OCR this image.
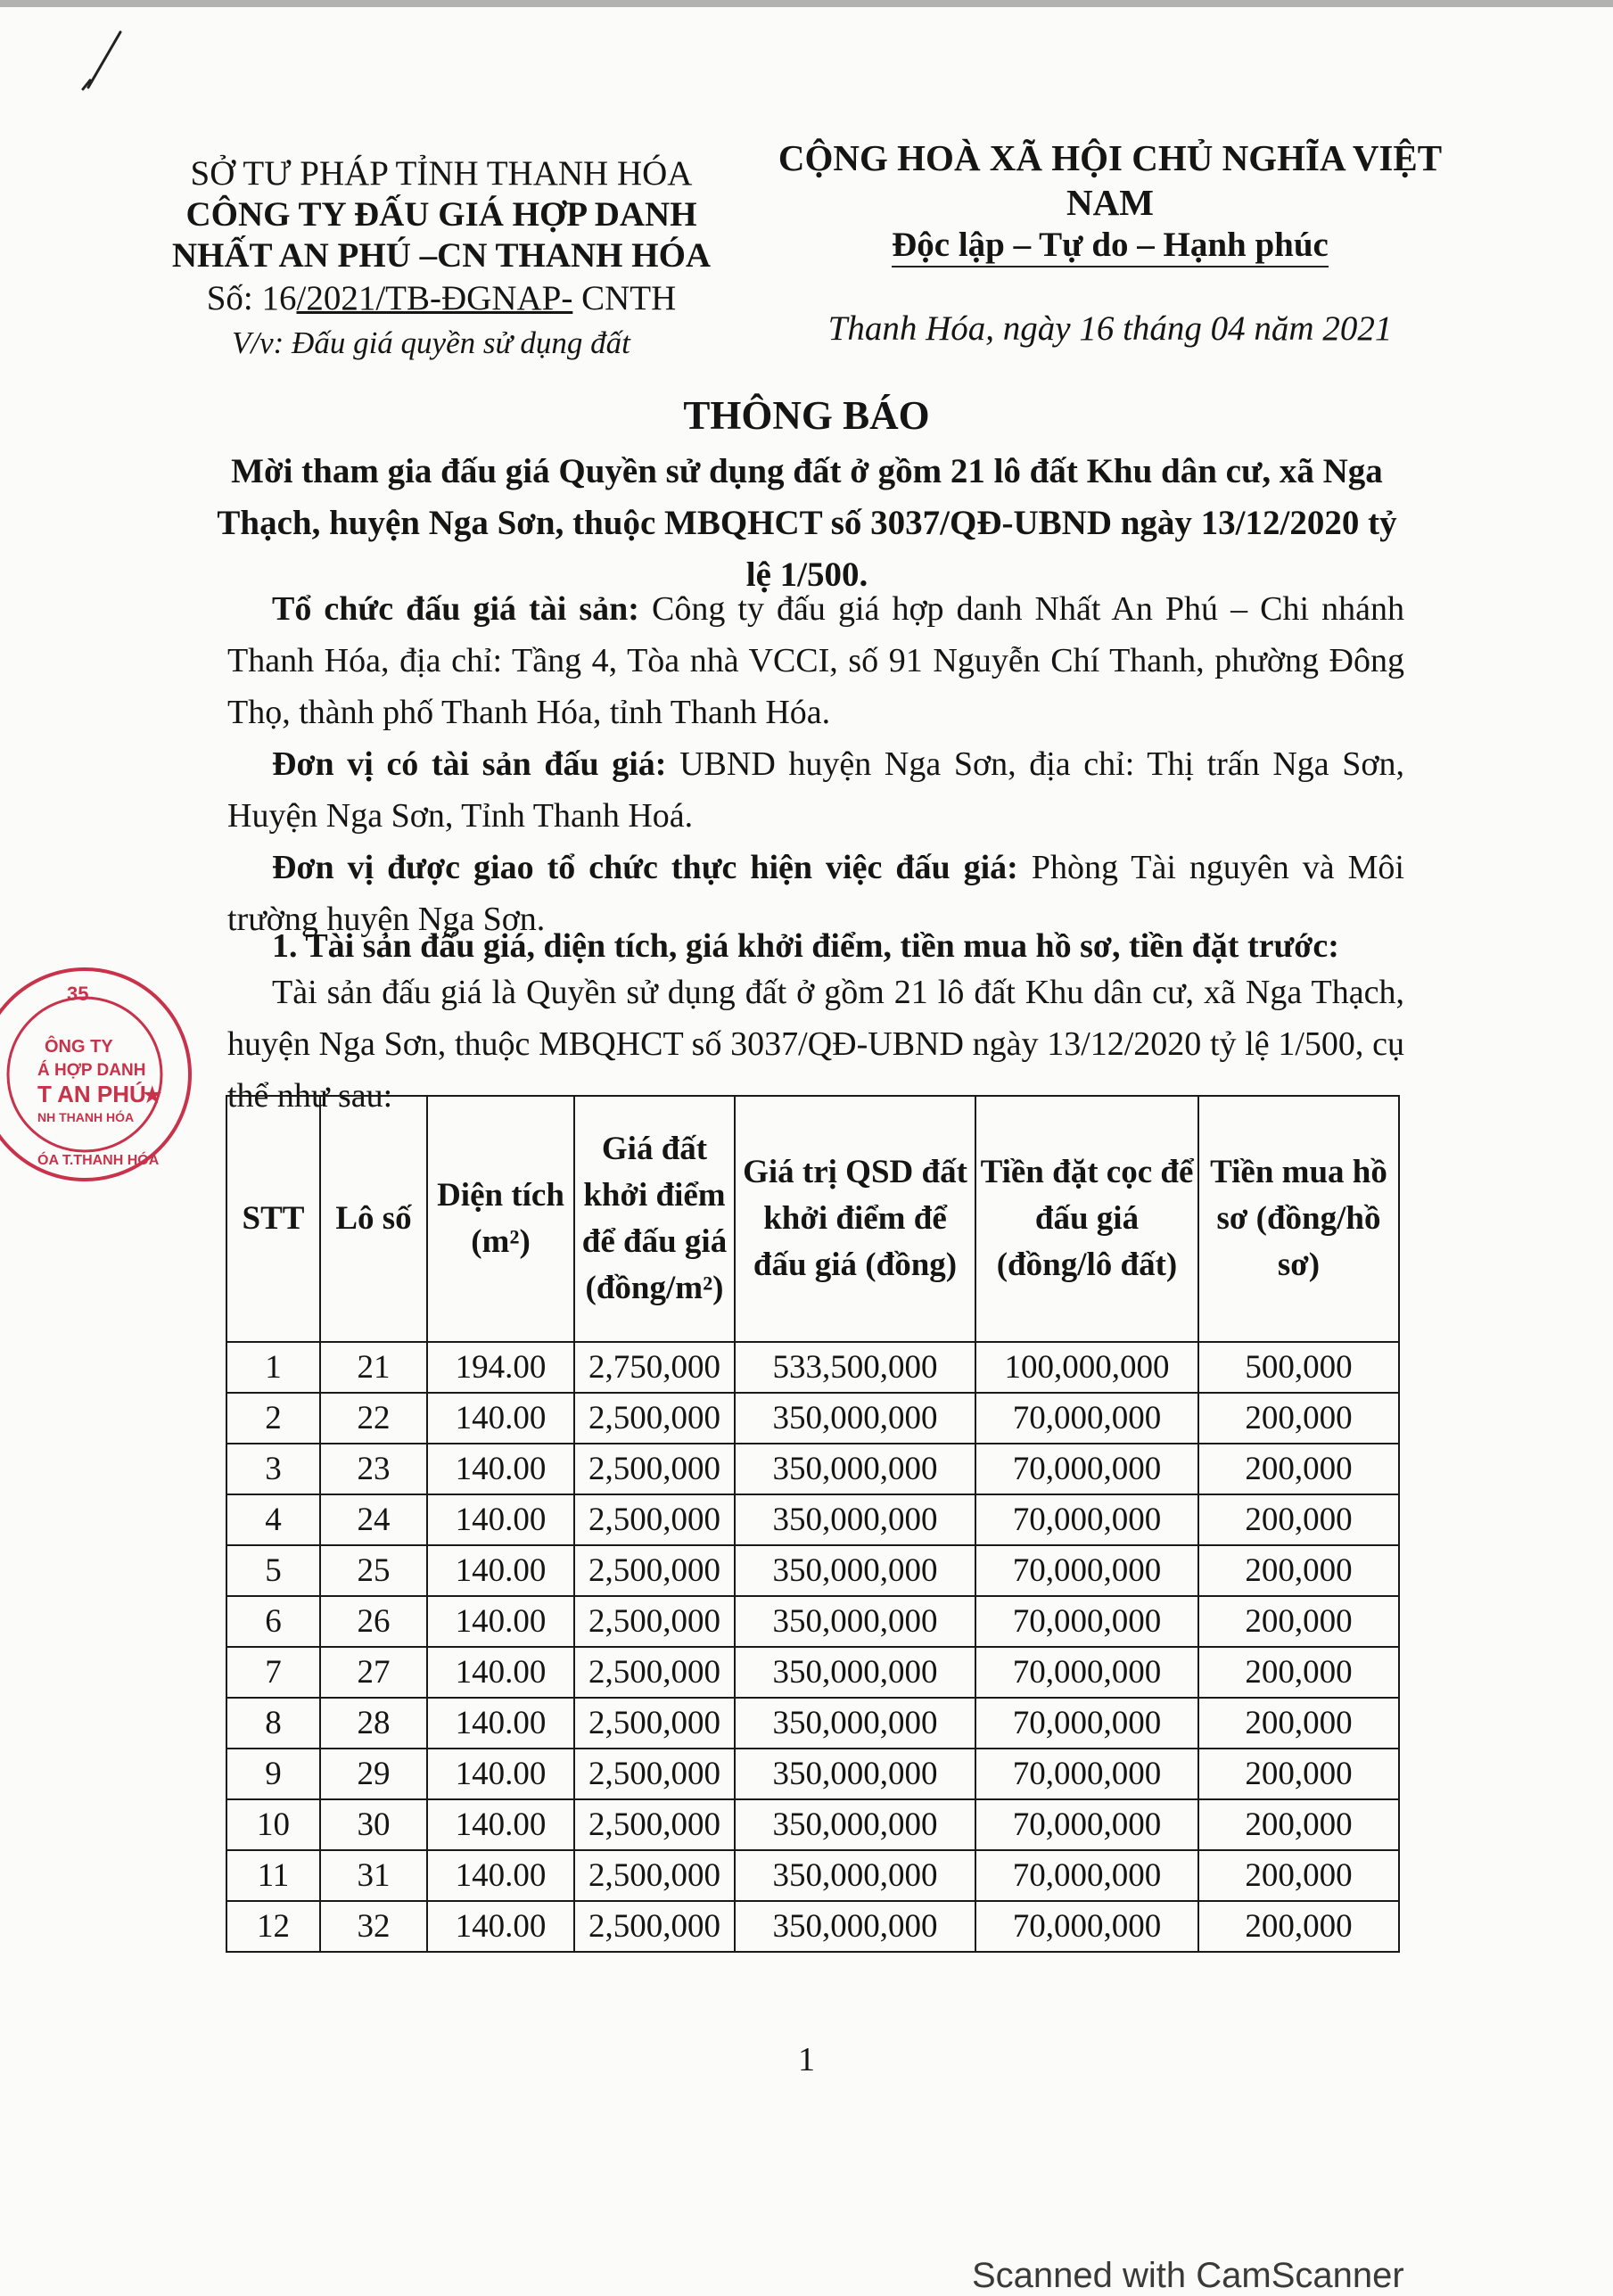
SỞ TƯ PHÁP TỈNH THANH HÓA
CÔNG TY ĐẤU GIÁ HỢP DANH
NHẤT AN PHÚ –CN THANH HÓA
Số: 16/2021/TB-ĐGNAP- CNTH
V/v: Đấu giá quyền sử dụng đất
CỘNG HOÀ XÃ HỘI CHỦ NGHĨA VIỆT NAM
Độc lập – Tự do – Hạnh phúc
Thanh Hóa, ngày 16 tháng 04 năm 2021
THÔNG BÁO
Mời tham gia đấu giá Quyền sử dụng đất ở gồm 21 lô đất Khu dân cư, xã Nga Thạch, huyện Nga Sơn, thuộc MBQHCT số 3037/QĐ-UBND ngày 13/12/2020 tỷ lệ 1/500.
Tổ chức đấu giá tài sản: Công ty đấu giá hợp danh Nhất An Phú – Chi nhánh Thanh Hóa, địa chỉ: Tầng 4, Tòa nhà VCCI, số 91 Nguyễn Chí Thanh, phường Đông Thọ, thành phố Thanh Hóa, tỉnh Thanh Hóa.
Đơn vị có tài sản đấu giá: UBND huyện Nga Sơn, địa chỉ: Thị trấn Nga Sơn, Huyện Nga Sơn, Tỉnh Thanh Hoá.
Đơn vị được giao tổ chức thực hiện việc đấu giá: Phòng Tài nguyên và Môi trường huyện Nga Sơn.
1. Tài sản đấu giá, diện tích, giá khởi điểm, tiền mua hồ sơ, tiền đặt trước:
Tài sản đấu giá là Quyền sử dụng đất ở gồm 21 lô đất Khu dân cư, xã Nga Thạch, huyện Nga Sơn, thuộc MBQHCT số 3037/QĐ-UBND ngày 13/12/2020 tỷ lệ 1/500, cụ thể như sau:
STT	Lô số	Diện tích (m²)	Giá đất khởi điểm để đấu giá (đồng/m²)	Giá trị QSD đất khởi điểm để đấu giá (đồng)	Tiền đặt cọc để đấu giá (đồng/lô đất)	Tiền mua hồ sơ (đồng/hồ sơ)
1	21	194.00	2,750,000	533,500,000	100,000,000	500,000
2	22	140.00	2,500,000	350,000,000	70,000,000	200,000
3	23	140.00	2,500,000	350,000,000	70,000,000	200,000
4	24	140.00	2,500,000	350,000,000	70,000,000	200,000
5	25	140.00	2,500,000	350,000,000	70,000,000	200,000
6	26	140.00	2,500,000	350,000,000	70,000,000	200,000
7	27	140.00	2,500,000	350,000,000	70,000,000	200,000
8	28	140.00	2,500,000	350,000,000	70,000,000	200,000
9	29	140.00	2,500,000	350,000,000	70,000,000	200,000
10	30	140.00	2,500,000	350,000,000	70,000,000	200,000
11	31	140.00	2,500,000	350,000,000	70,000,000	200,000
12	32	140.00	2,500,000	350,000,000	70,000,000	200,000
35
ÔNG TY
Á HỢP DANH
T AN PHÚ
NH THANH HÓA
ÓA T.THANH HÓA
★
1
Scanned with CamScanner
